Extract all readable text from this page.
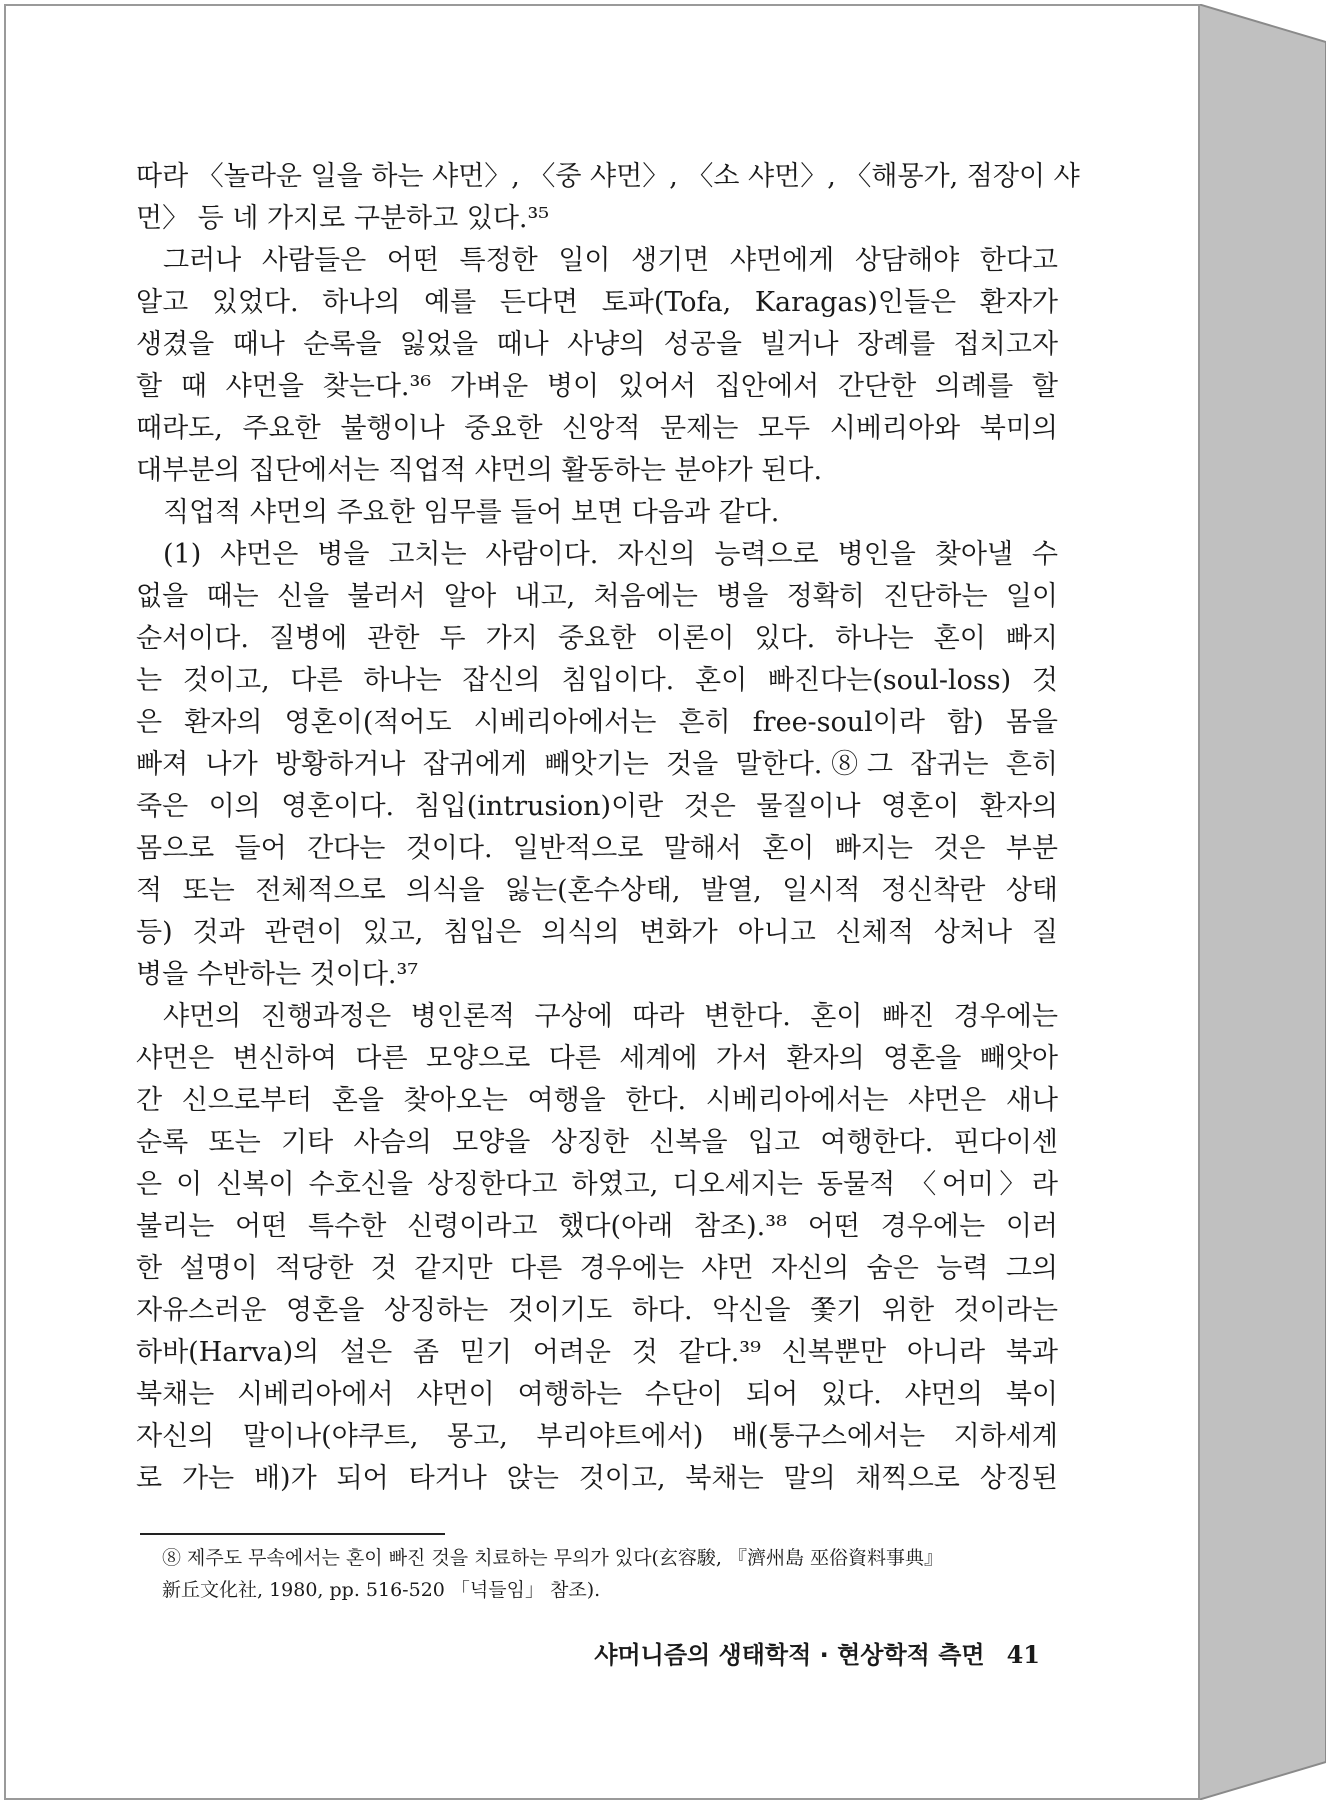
따라 〈놀라운 일을 하는 샤먼〉, 〈중 샤먼〉, 〈소 샤먼〉, 〈해몽가, 점장이 샤
먼〉 등 네 가지로 구분하고 있다.³⁵
그러나 사람들은 어떤 특정한 일이 생기면 샤먼에게 상담해야 한다고
알고 있었다. 하나의 예를 든다면 토파(Tofa, Karagas)인들은 환자가
생겼을 때나 순록을 잃었을 때나 사냥의 성공을 빌거나 장례를 접치고자
할 때 샤먼을 찾는다.³⁶ 가벼운 병이 있어서 집안에서 간단한 의례를 할
때라도, 주요한 불행이나 중요한 신앙적 문제는 모두 시베리아와 북미의
대부분의 집단에서는 직업적 샤먼의 활동하는 분야가 된다.
직업적 샤먼의 주요한 임무를 들어 보면 다음과 같다.
(1) 샤먼은 병을 고치는 사람이다. 자신의 능력으로 병인을 찾아낼 수
없을 때는 신을 불러서 알아 내고, 처음에는 병을 정확히 진단하는 일이
순서이다. 질병에 관한 두 가지 중요한 이론이 있다. 하나는 혼이 빠지
는 것이고, 다른 하나는 잡신의 침입이다. 혼이 빠진다는(soul-loss) 것
은 환자의 영혼이(적어도 시베리아에서는 흔히 free-soul이라 함) 몸을
빠져 나가 방황하거나 잡귀에게 빼앗기는 것을 말한다.⑧그 잡귀는 흔히
죽은 이의 영혼이다. 침입(intrusion)이란 것은 물질이나 영혼이 환자의
몸으로 들어 간다는 것이다. 일반적으로 말해서 혼이 빠지는 것은 부분
적 또는 전체적으로 의식을 잃는(혼수상태, 발열, 일시적 정신착란 상태
등) 것과 관련이 있고, 침입은 의식의 변화가 아니고 신체적 상처나 질
병을 수반하는 것이다.³⁷
샤먼의 진행과정은 병인론적 구상에 따라 변한다. 혼이 빠진 경우에는
샤먼은 변신하여 다른 모양으로 다른 세계에 가서 환자의 영혼을 빼앗아
간 신으로부터 혼을 찾아오는 여행을 한다. 시베리아에서는 샤먼은 새나
순록 또는 기타 사슴의 모양을 상징한 신복을 입고 여행한다. 핀다이센
은 이 신복이 수호신을 상징한다고 하였고, 디오세지는 동물적 〈어미〉라
불리는 어떤 특수한 신령이라고 했다(아래 참조).³⁸ 어떤 경우에는 이러
한 설명이 적당한 것 같지만 다른 경우에는 샤먼 자신의 숨은 능력 그의
자유스러운 영혼을 상징하는 것이기도 하다. 악신을 쫓기 위한 것이라는
하바(Harva)의 설은 좀 믿기 어려운 것 같다.³⁹ 신복뿐만 아니라 북과
북채는 시베리아에서 샤먼이 여행하는 수단이 되어 있다. 샤먼의 북이
자신의 말이나(야쿠트, 몽고, 부리야트에서) 배(퉁구스에서는 지하세계
로 가는 배)가 되어 타거나 앉는 것이고, 북채는 말의 채찍으로 상징된
⑧ 제주도 무속에서는 혼이 빠진 것을 치료하는 무의가 있다(玄容駿, 『濟州島 巫俗資料事典』
新丘文化社, 1980, pp. 516-520 「넉들임」 참조).
샤머니즘의 생태학적 · 현상학적 측면 41
